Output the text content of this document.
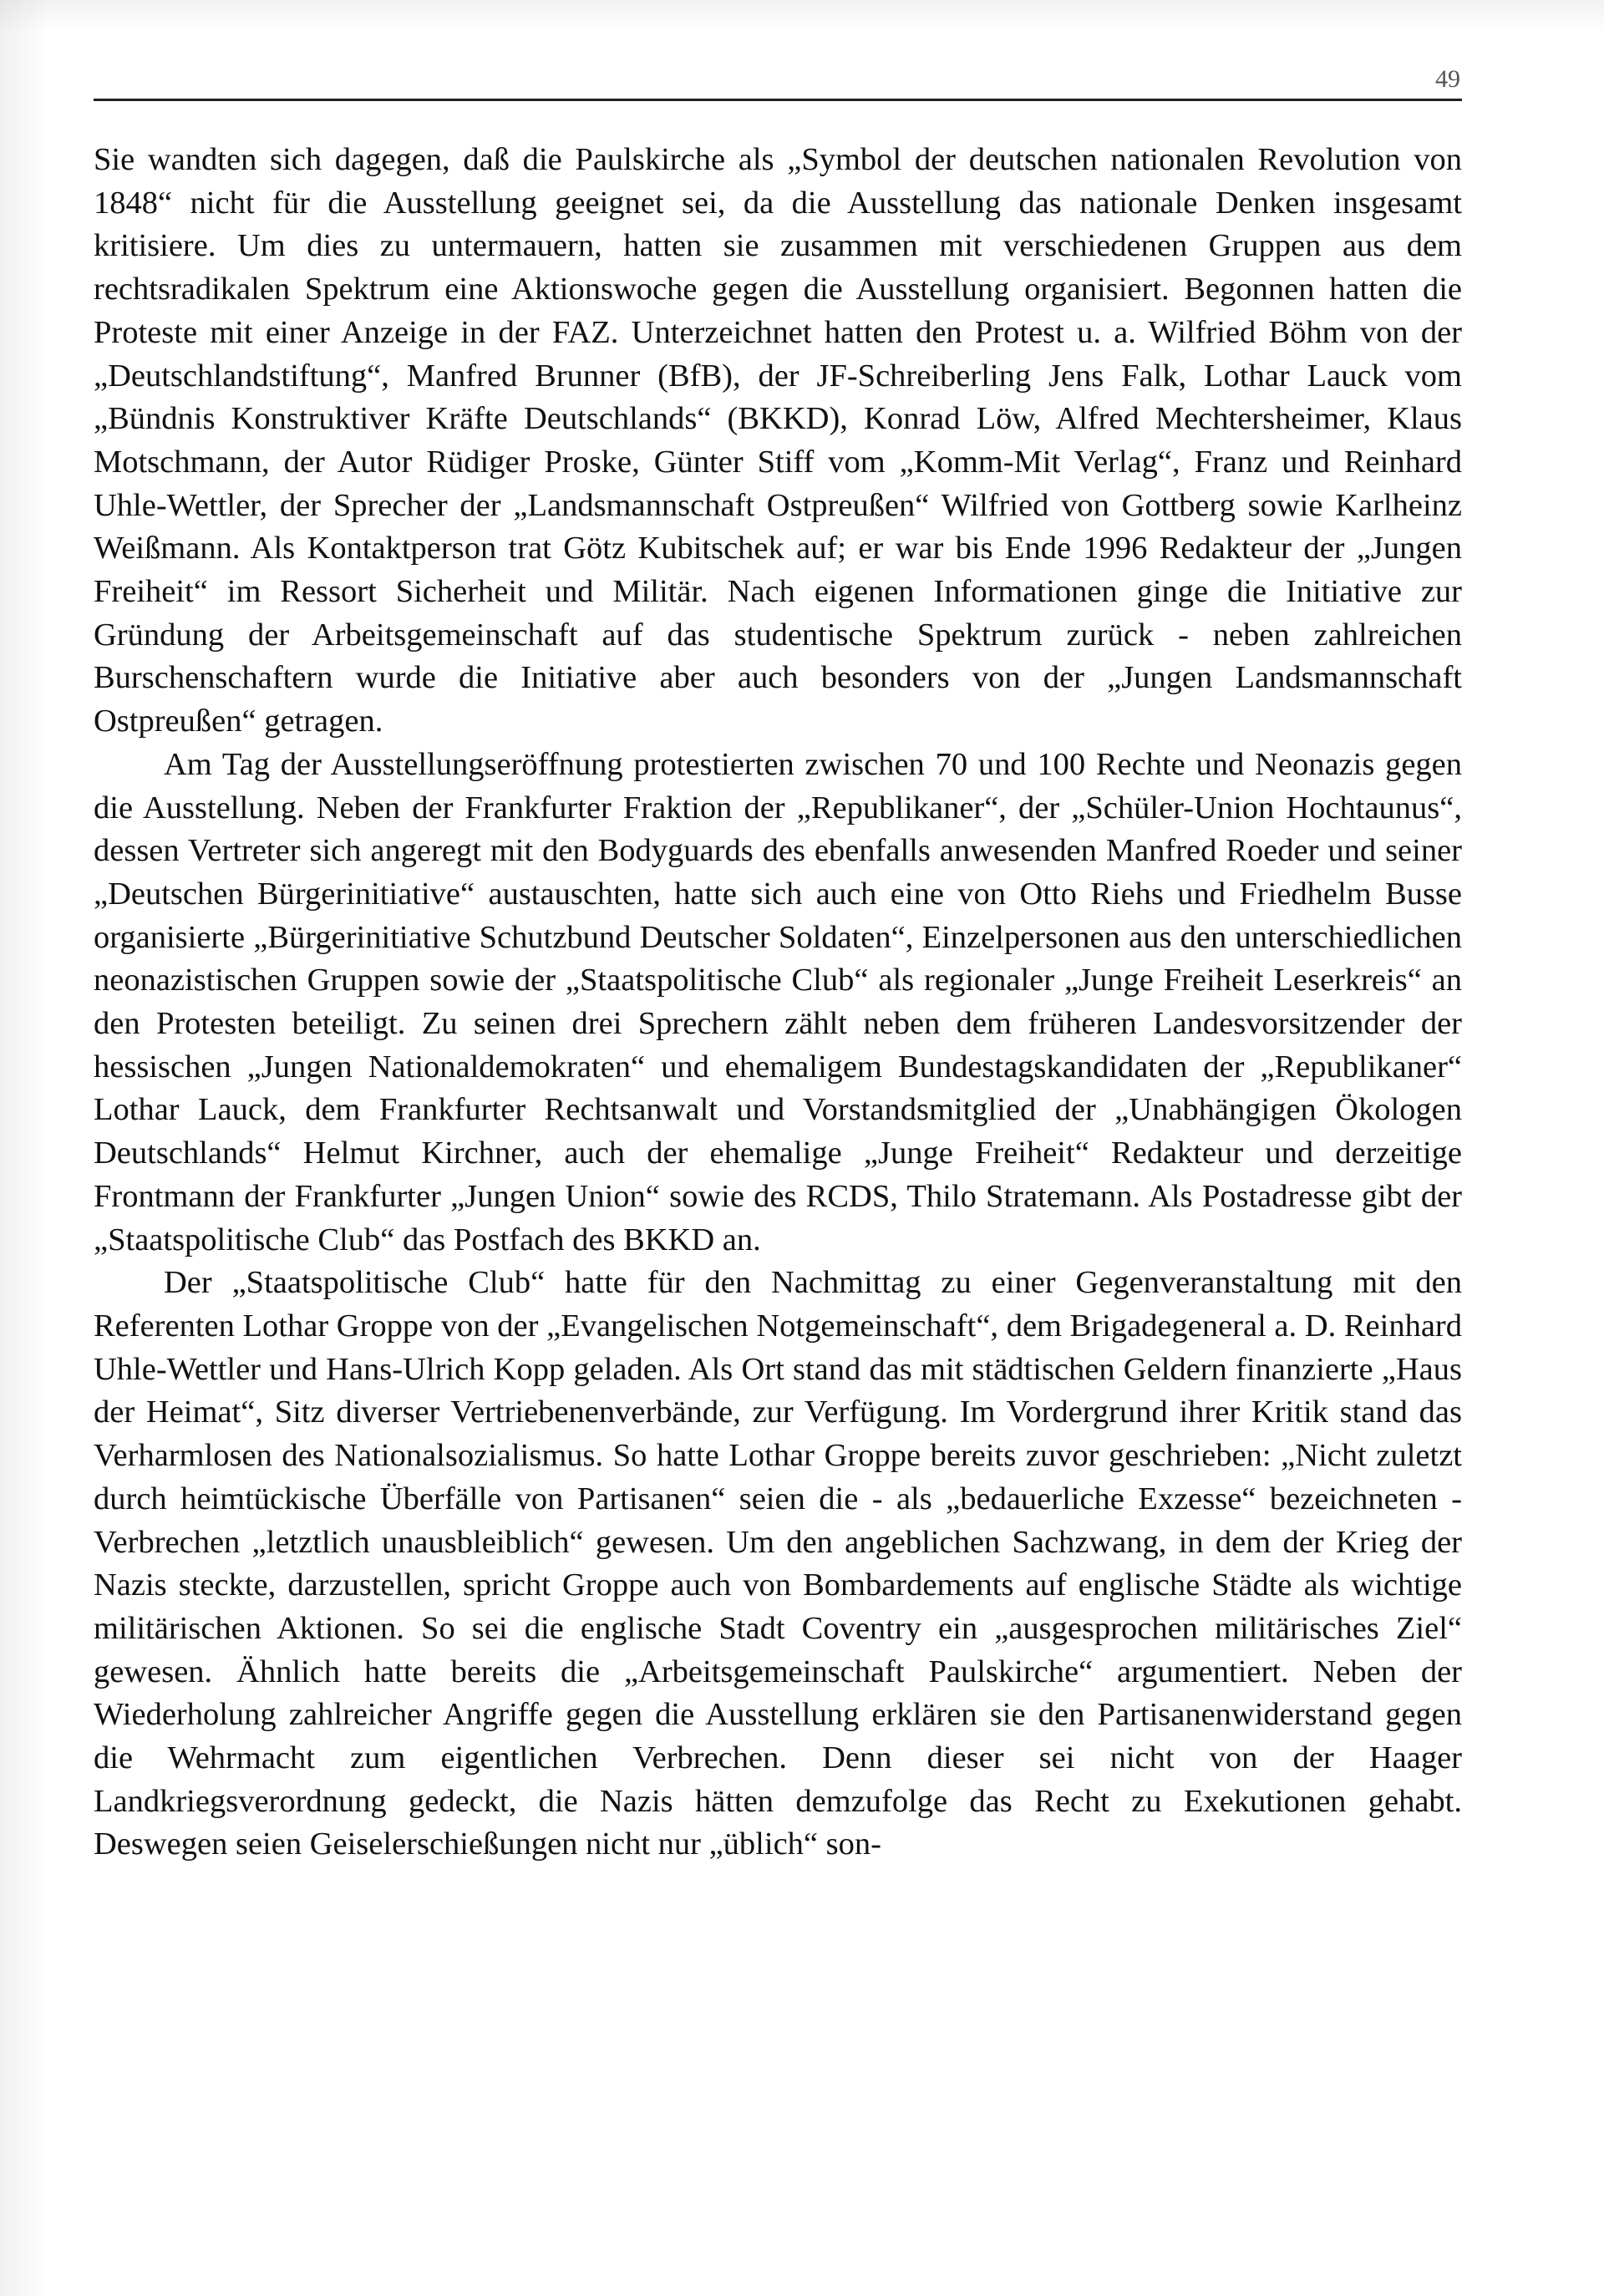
49

Sie wandten sich dagegen, daß die Paulskirche als „Symbol der deutschen nationalen Revolution von 1848“ nicht für die Ausstellung geeignet sei, da die Ausstellung das nationale Denken insgesamt kritisiere. Um dies zu untermauern, hatten sie zusammen mit verschiedenen Gruppen aus dem rechtsradikalen Spektrum eine Aktionswoche gegen die Ausstellung organisiert. Begonnen hatten die Proteste mit einer Anzeige in der FAZ. Unterzeichnet hatten den Protest u. a. Wilfried Böhm von der „Deutschlandstiftung“, Manfred Brunner (BfB), der JF-Schreiberling Jens Falk, Lothar Lauck vom „Bündnis Konstruktiver Kräfte Deutschlands“ (BKKD), Konrad Löw, Alfred Mechtersheimer, Klaus Motschmann, der Autor Rüdiger Proske, Günter Stiff vom „Komm-Mit Verlag“, Franz und Reinhard Uhle-Wettler, der Sprecher der „Landsmannschaft Ostpreußen“ Wilfried von Gottberg sowie Karlheinz Weißmann. Als Kontaktperson trat Götz Kubitschek auf; er war bis Ende 1996 Redakteur der „Jungen Freiheit“ im Ressort Sicherheit und Militär. Nach eigenen Informationen ginge die Initiative zur Gründung der Arbeitsgemeinschaft auf das studentische Spektrum zurück - neben zahlreichen Burschenschaftern wurde die Initiative aber auch besonders von der „Jungen Landsmannschaft Ostpreußen“ getragen.

Am Tag der Ausstellungseröffnung protestierten zwischen 70 und 100 Rechte und Neonazis gegen die Ausstellung. Neben der Frankfurter Fraktion der „Republikaner“, der „Schüler-Union Hochtaunus“, dessen Vertreter sich angeregt mit den Bodyguards des ebenfalls anwesenden Manfred Roeder und seiner „Deutschen Bürgerinitiative“ austauschten, hatte sich auch eine von Otto Riehs und Friedhelm Busse organisierte „Bürgerinitiative Schutzbund Deutscher Soldaten“, Einzelpersonen aus den unterschiedlichen neonazistischen Gruppen sowie der „Staatspolitische Club“ als regionaler „Junge Freiheit Leserkreis“ an den Protesten beteiligt. Zu seinen drei Sprechern zählt neben dem früheren Landesvorsitzender der hessischen „Jungen Nationaldemokraten“ und ehemaligem Bundestagskandidaten der „Republikaner“ Lothar Lauck, dem Frankfurter Rechtsanwalt und Vorstandsmitglied der „Unabhängigen Ökologen Deutschlands“ Helmut Kirchner, auch der ehemalige „Junge Freiheit“ Redakteur und derzeitige Frontmann der Frankfurter „Jungen Union“ sowie des RCDS, Thilo Stratemann. Als Postadresse gibt der „Staatspolitische Club“ das Postfach des BKKD an.

Der „Staatspolitische Club“ hatte für den Nachmittag zu einer Gegenveranstaltung mit den Referenten Lothar Groppe von der „Evangelischen Notgemeinschaft“, dem Brigadegeneral a. D. Reinhard Uhle-Wettler und Hans-Ulrich Kopp geladen. Als Ort stand das mit städtischen Geldern finanzierte „Haus der Heimat“, Sitz diverser Vertriebenenverbände, zur Verfügung. Im Vordergrund ihrer Kritik stand das Verharmlosen des Nationalsozialismus. So hatte Lothar Groppe bereits zuvor geschrieben: „Nicht zuletzt durch heimtückische Überfälle von Partisanen“ seien die - als „bedauerliche Exzesse“ bezeichneten - Verbrechen „letztlich unausbleiblich“ gewesen. Um den angeblichen Sachzwang, in dem der Krieg der Nazis steckte, darzustellen, spricht Groppe auch von Bombardements auf englische Städte als wichtige militärischen Aktionen. So sei die englische Stadt Coventry ein „ausgesprochen militärisches Ziel“ gewesen. Ähnlich hatte bereits die „Arbeitsgemeinschaft Paulskirche“ argumentiert. Neben der Wiederholung zahlreicher Angriffe gegen die Ausstellung erklären sie den Partisanenwiderstand gegen die Wehrmacht zum eigentlichen Verbrechen. Denn dieser sei nicht von der Haager Landkriegsverordnung gedeckt, die Nazis hätten demzufolge das Recht zu Exekutionen gehabt. Deswegen seien Geiselerschießungen nicht nur „üblich“ son-
